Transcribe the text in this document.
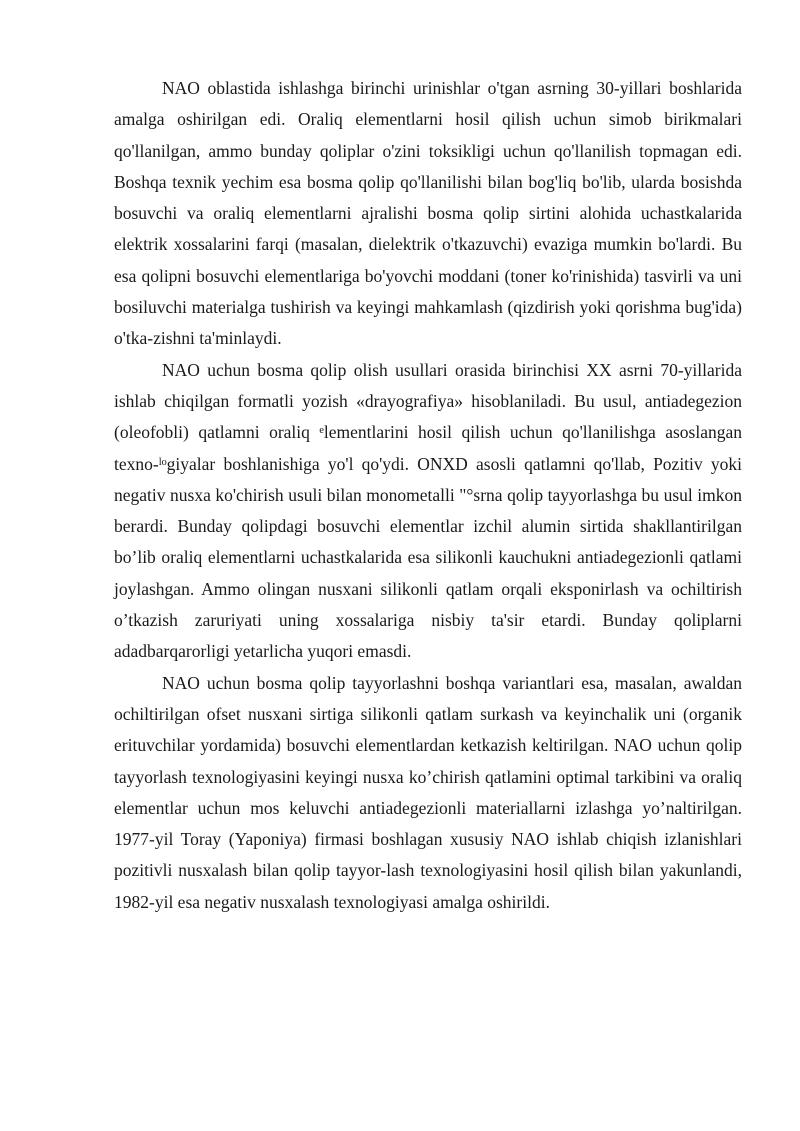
NAO oblastida ishlashga birinchi urinishlar o'tgan asrning 30-yillari boshlarida amalga oshirilgan edi. Oraliq elementlarni hosil qilish uchun simob birikmalari qo'llanilgan, ammo bunday qoliplar o'zini toksikligi uchun qo'llanilish topmagan edi. Boshqa texnik yechim esa bosma qolip qo'llanilishi bilan bog'liq bo'lib, ularda bosishda bosuvchi va oraliq elementlarni ajralishi bosma qolip sirtini alohida uchastkalarida elektrik xossalarini farqi (masalan, dielektrik o'tkazuvchi) evaziga mumkin bo'lardi. Bu esa qolipni bosuvchi elementlariga bo'yovchi moddani (toner ko'rinishida) tasvirli va uni bosiluvchi materialga tushirish va keyingi mahkamlash (qizdirish yoki qorishma bug'ida) o'tka-zishni ta'minlaydi.

NAO uchun bosma qolip olish usullari orasida birinchisi XX asrni 70-yillarida ishlab chiqilgan formatli yozish «drayografiya» hisoblaniladi. Bu usul, antiadegezion (oleofobli) qatlamni oraliq ᵉlementlarini hosil qilish uchun qo'llanilishga asoslangan texno-ˡᵒgiyalar boshlanishiga yo'l qo'ydi. ONXD asosli qatlamni qo'llab, Pozitiv yoki negativ nusxa ko'chirish usuli bilan monometalli "°srna qolip tayyorlashga bu usul imkon berardi. Bunday qolipdagi bosuvchi elementlar izchil alumin sirtida shakllantirilgan bo’lib oraliq elementlarni uchastkalarida esa silikonli kauchukni antiadegezionli qatlami joylashgan. Ammo olingan nusxani silikonli qatlam orqali eksponirlash va ochiltirish o’tkazish zaruriyati uning xossalariga nisbiy ta'sir etardi. Bunday qoliplarni adadbarqarorligi yetarlicha yuqori emasdi.

NAO uchun bosma qolip tayyorlashni boshqa variantlari esa, masalan, awaldan ochiltirilgan ofset nusxani sirtiga silikonli qatlam surkash va keyinchalik uni (organik erituvchilar yordamida) bosuvchi elementlardan ketkazish keltirilgan. NAO uchun qolip tayyorlash texnologiyasini keyingi nusxa ko’chirish qatlamini optimal tarkibini va oraliq elementlar uchun mos keluvchi antiadegezionli materiallarni izlashga yo’naltirilgan. 1977-yil Toray (Yaponiya) firmasi boshlagan xususiy NAO ishlab chiqish izlanishlari pozitivli nusxalash bilan qolip tayyor-lash texnologiyasini hosil qilish bilan yakunlandi, 1982-yil esa negativ nusxalash texnologiyasi amalga oshirildi.
